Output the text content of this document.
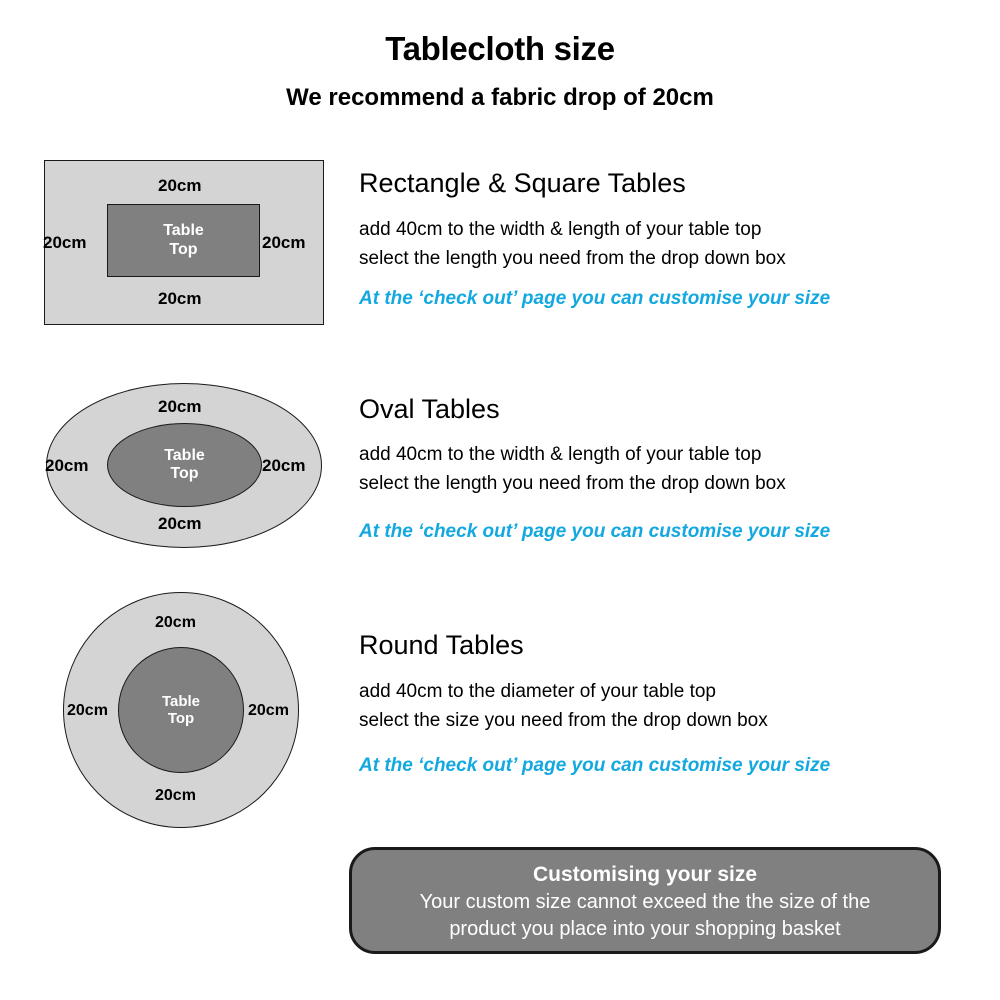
Tablecloth size
We recommend a fabric drop of 20cm
Table
Top
20cm
20cm	20cm
20cm
Rectangle & Square Tables
add 40cm to the width & length of your table top
select the length you need from the drop down box
At the ‘check out’ page you can customise your size
Table
Top
20cm
20cm	20cm
20cm
Oval Tables
add 40cm to the width & length of your table top
select the length you need from the drop down box
At the ‘check out’ page you can customise your size
Table
Top
20cm
20cm	20cm
20cm
Round Tables
add 40cm to the diameter of your table top
select the size you need from the drop down box
At the ‘check out’ page you can customise your size
Customising your size
Your custom size cannot exceed the the size of the
product you place into your shopping basket
